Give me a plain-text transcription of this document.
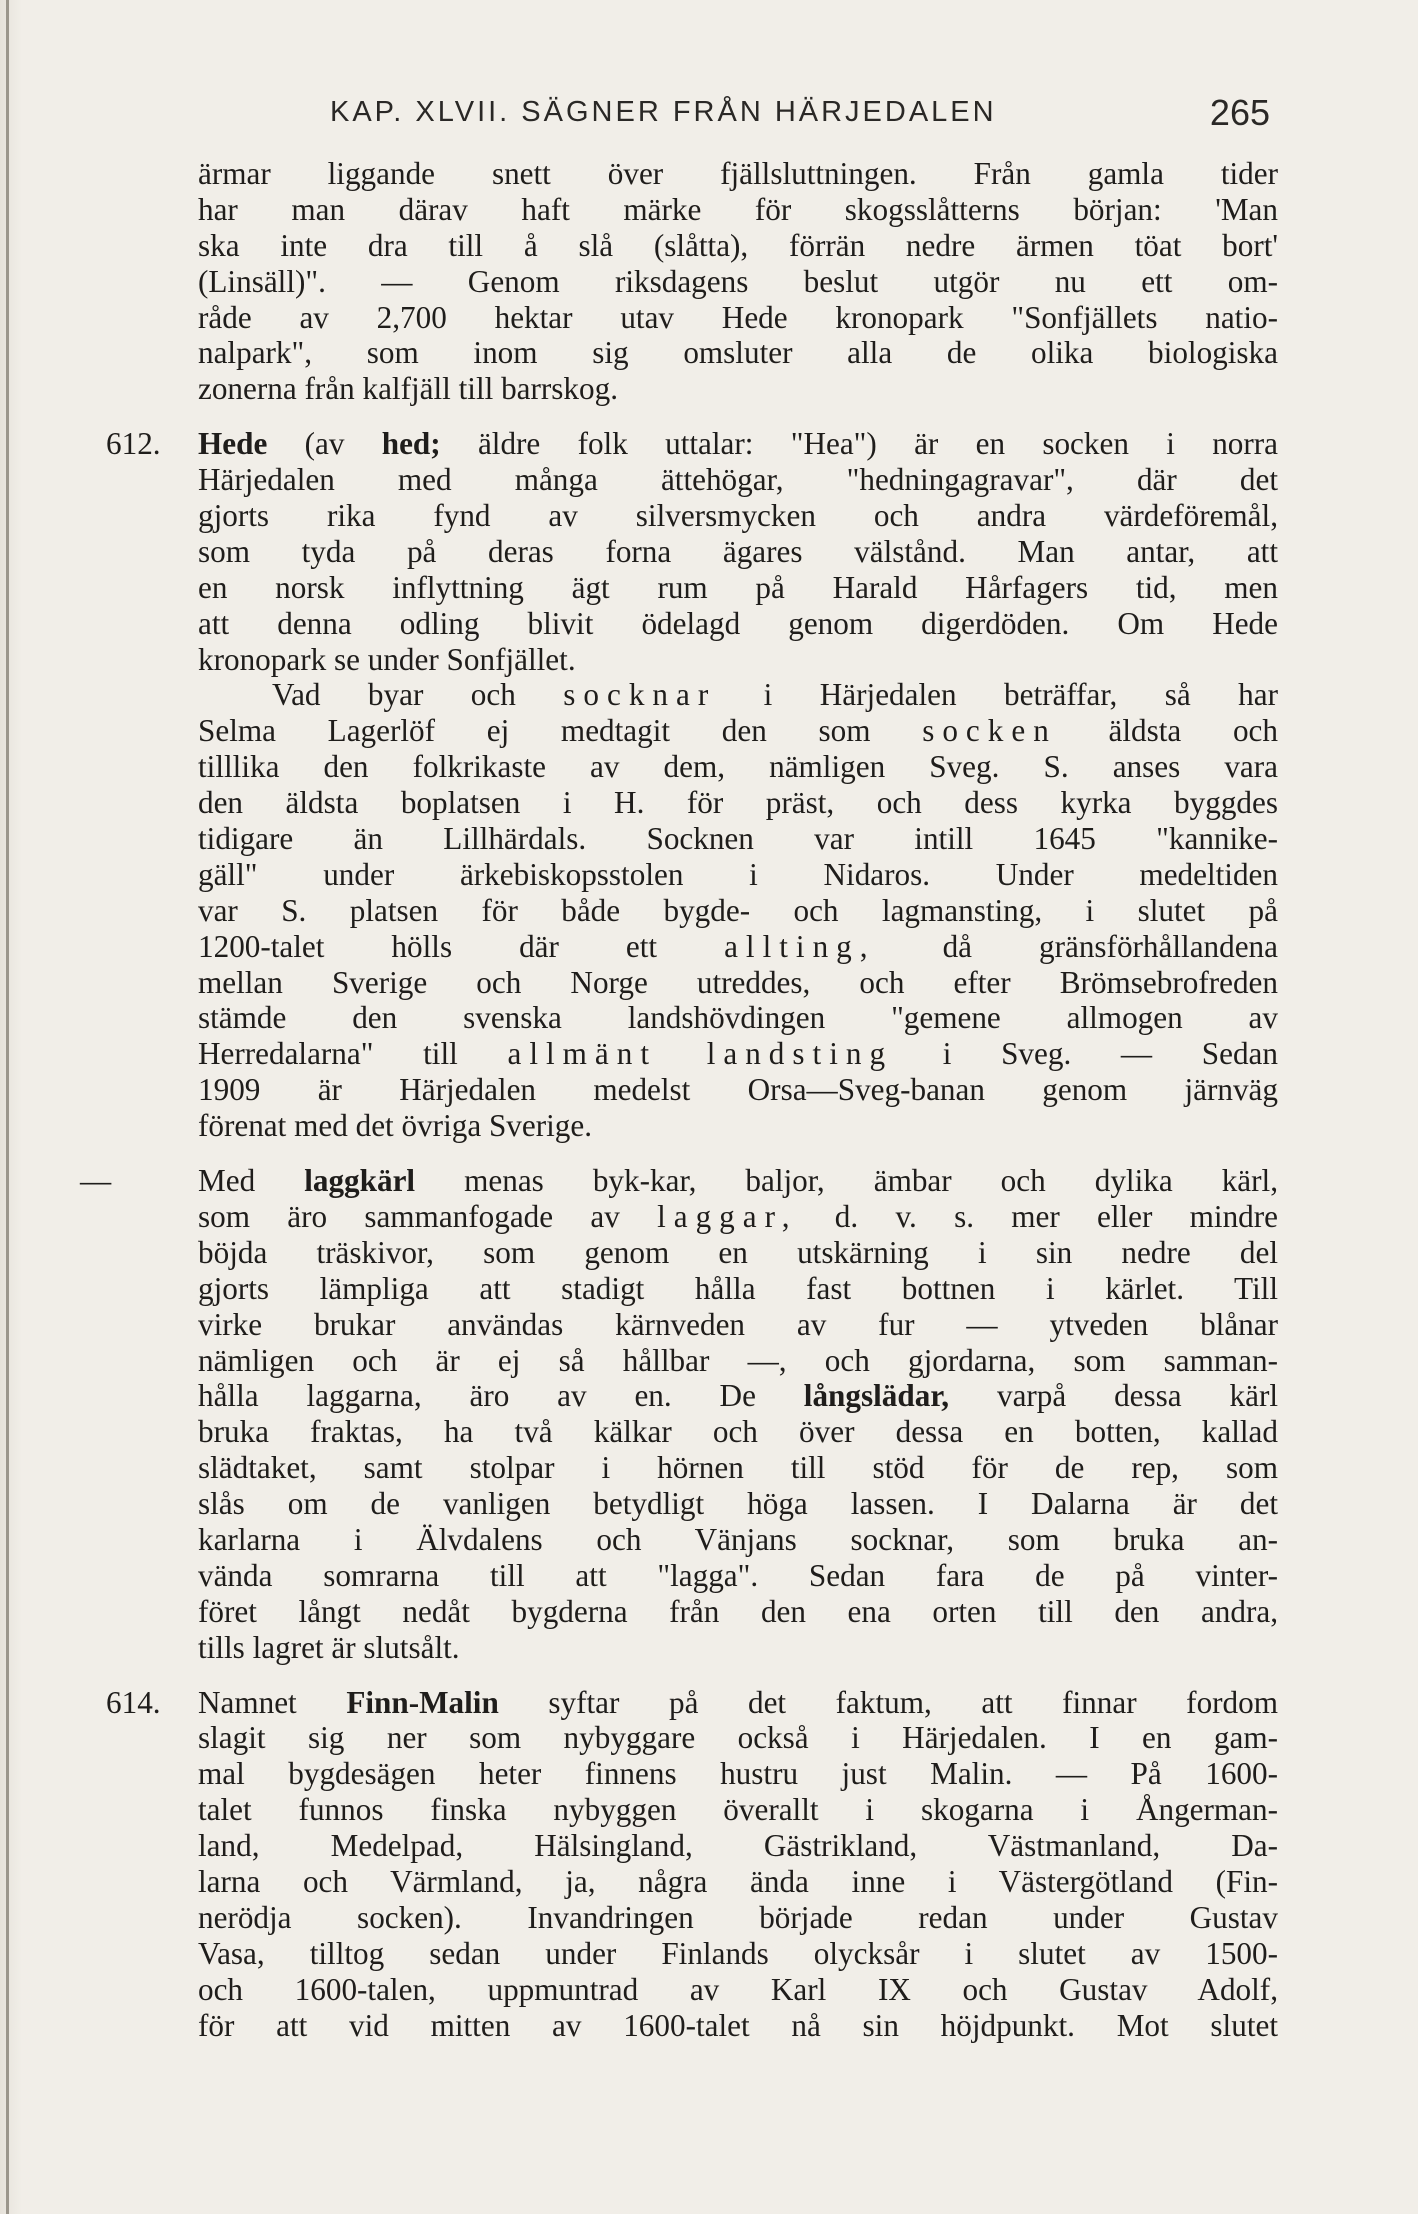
KAP. XLVII. SÄGNER FRÅN HÄRJEDALEN	265
ärmar liggande snett över fjällsluttningen. Från gamla tider
har man därav haft märke för skogsslåtterns början: 'Man
ska inte dra till å slå (slåtta), förrän nedre ärmen töat bort'
(Linsäll)". — Genom riksdagens beslut utgör nu ett om-
råde av 2,700 hektar utav Hede kronopark "Sonfjällets natio-
nalpark", som inom sig omsluter alla de olika biologiska
zonerna från kalfjäll till barrskog.
612. Hede (av hed; äldre folk uttalar: "Hea") är en socken i norra
Härjedalen med många ättehögar, "hedningagravar", där det
gjorts rika fynd av silversmycken och andra värdeföremål,
som tyda på deras forna ägares välstånd. Man antar, att
en norsk inflyttning ägt rum på Harald Hårfagers tid, men
att denna odling blivit ödelagd genom digerdöden. Om Hede
kronopark se under Sonfjället.
Vad byar och socknar i Härjedalen beträffar, så har
Selma Lagerlöf ej medtagit den som socken äldsta och
tilllika den folkrikaste av dem, nämligen Sveg. S. anses vara
den äldsta boplatsen i H. för präst, och dess kyrka byggdes
tidigare än Lillhärdals. Socknen var intill 1645 "kannike-
gäll" under ärkebiskopsstolen i Nidaros. Under medeltiden
var S. platsen för både bygde- och lagmansting, i slutet på
1200-talet hölls där ett allting, då gränsförhållandena
mellan Sverige och Norge utreddes, och efter Brömsebrofreden
stämde den svenska landshövdingen "gemene allmogen av
Herredalarna" till allmänt landsting i Sveg. — Sedan
1909 är Härjedalen medelst Orsa—Sveg-banan genom järnväg
förenat med det övriga Sverige.
—	Med laggkärl menas byk-kar, baljor, ämbar och dylika kärl,
som äro sammanfogade av laggar, d. v. s. mer eller mindre
böjda träskivor, som genom en utskärning i sin nedre del
gjorts lämpliga att stadigt hålla fast bottnen i kärlet. Till
virke brukar användas kärnveden av fur — ytveden blånar
nämligen och är ej så hållbar —, och gjordarna, som samman-
hålla laggarna, äro av en. De långslädar, varpå dessa kärl
bruka fraktas, ha två kälkar och över dessa en botten, kallad
slädtaket, samt stolpar i hörnen till stöd för de rep, som
slås om de vanligen betydligt höga lassen. I Dalarna är det
karlarna i Älvdalens och Vänjans socknar, som bruka an-
vända somrarna till att "lagga". Sedan fara de på vinter-
föret långt nedåt bygderna från den ena orten till den andra,
tills lagret är slutsålt.
614. Namnet Finn-Malin syftar på det faktum, att finnar fordom
slagit sig ner som nybyggare också i Härjedalen. I en gam-
mal bygdesägen heter finnens hustru just Malin. — På 1600-
talet funnos finska nybyggen överallt i skogarna i Ångerman-
land, Medelpad, Hälsingland, Gästrikland, Västmanland, Da-
larna och Värmland, ja, några ända inne i Västergötland (Fin-
nerödja socken). Invandringen började redan under Gustav
Vasa, tilltog sedan under Finlands olycksår i slutet av 1500-
och 1600-talen, uppmuntrad av Karl IX och Gustav Adolf,
för att vid mitten av 1600-talet nå sin höjdpunkt. Mot slutet
